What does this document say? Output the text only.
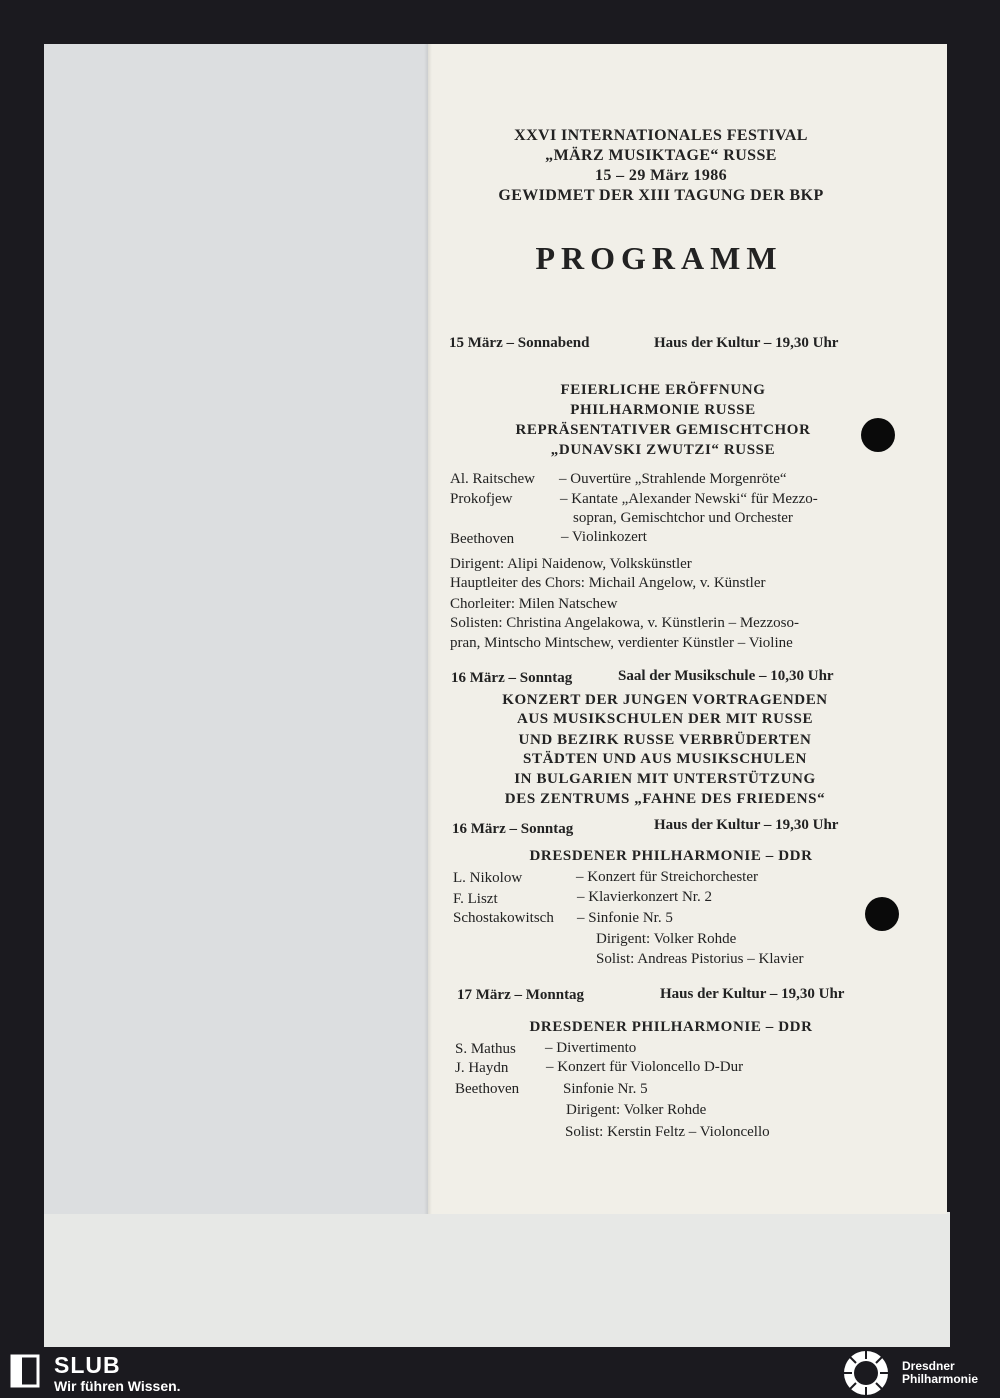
XXVI INTERNATIONALES FESTIVAL
„MÄRZ MUSIKTAGE“ RUSSE
15 – 29 März 1986
GEWIDMET DER XIII TAGUNG DER BKP
PROGRAMM
15 März – Sonnabend	Haus der Kultur – 19,30 Uhr
FEIERLICHE ERÖFFNUNG
PHILHARMONIE RUSSE
REPRÄSENTATIVER GEMISCHTCHOR
„DUNAVSKI ZWUTZI“ RUSSE
Al. Raitschew – Ouvertüre „Strahlende Morgenröte“
Prokofjew	– Kantate „Alexander Newski“ für Mezzo-
sopran, Gemischtchor und Orchester
Beethoven	– Violinkozert
Dirigent: Alipi Naidenow, Volkskünstler
Hauptleiter des Chors: Michail Angelow, v. Künstler
Chorleiter: Milen Natschew
Solisten: Christina Angelakowa, v. Künstlerin – Mezzoso-
pran, Mintscho Mintschew, verdienter Künstler – Violine
16 März – Sonntag	Saal der Musikschule – 10,30 Uhr
KONZERT DER JUNGEN VORTRAGENDEN
AUS MUSIKSCHULEN DER MIT RUSSE
UND BEZIRK RUSSE VERBRÜDERTEN
STÄDTEN UND AUS MUSIKSCHULEN
IN BULGARIEN MIT UNTERSTÜTZUNG
DES ZENTRUMS „FAHNE DES FRIEDENS“
16 März – Sonntag	Haus der Kultur – 19,30 Uhr
DRESDENER PHILHARMONIE – DDR
L. Nikolow	– Konzert für Streichorchester
F. Liszt	– Klavierkonzert Nr. 2
Schostakowitsch – Sinfonie Nr. 5
Dirigent: Volker Rohde
Solist: Andreas Pistorius – Klavier
17 März – Monntag	Haus der Kultur – 19,30 Uhr
DRESDENER PHILHARMONIE – DDR
S. Mathus – Divertimento
J. Haydn	– Konzert für Violoncello D-Dur
Beethoven	Sinfonie Nr. 5
Dirigent: Volker Rohde
Solist: Kerstin Feltz – Violoncello
SLUB
Wir führen Wissen.
Dresdner
Philharmonie
